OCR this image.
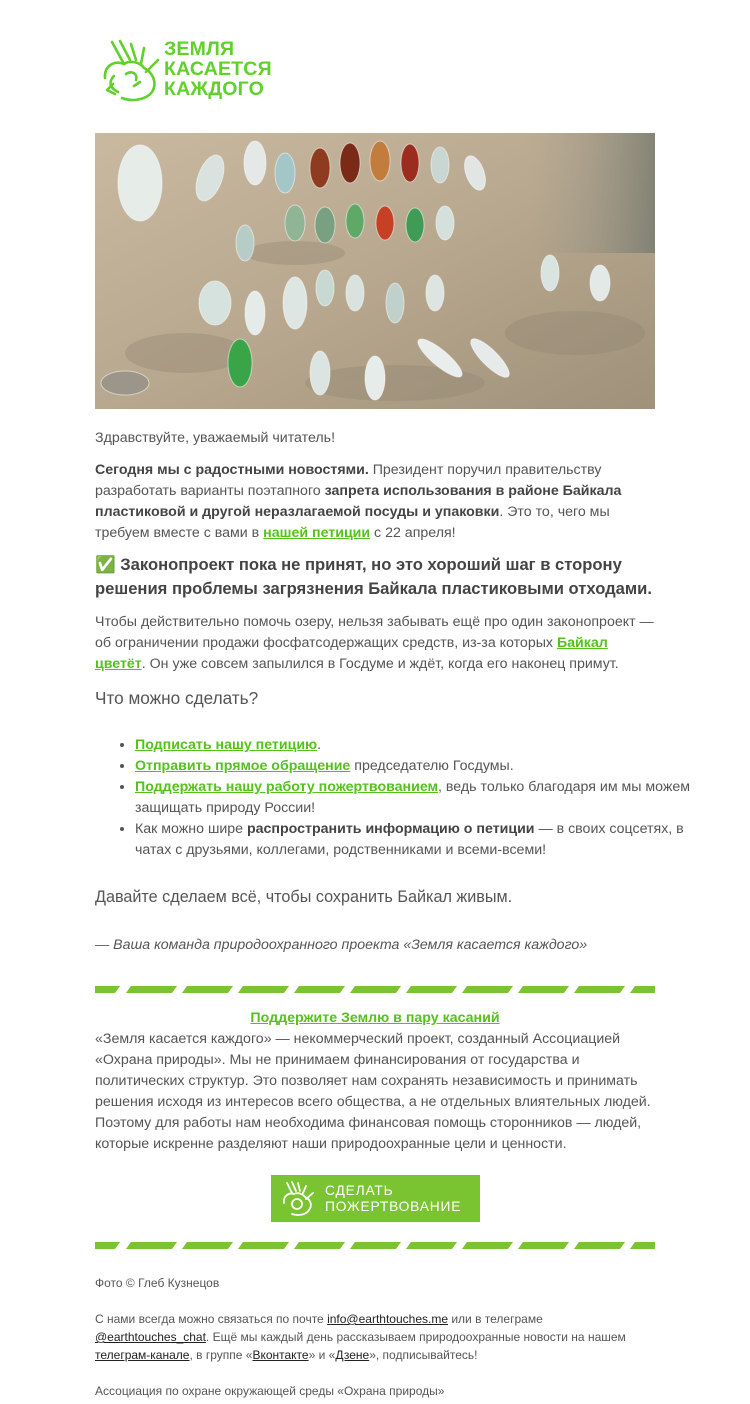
ЗЕМЛЯ
КАСАЕТСЯ
КАЖДОГО

Здравствуйте, уважаемый читатель!

Сегодня мы с радостными новостями. Президент поручил правительству разработать варианты поэтапного запрета использования в районе Байкала пластиковой и другой неразлагаемой посуды и упаковки. Это то, чего мы требуем вместе с вами в нашей петиции с 22 апреля!

✅ Законопроект пока не принят, но это хороший шаг в сторону решения проблемы загрязнения Байкала пластиковыми отходами.

Чтобы действительно помочь озеру, нельзя забывать ещё про один законопроект — об ограничении продажи фосфатсодержащих средств, из-за которых Байкал цветёт. Он уже совсем запылился в Госдуме и ждёт, когда его наконец примут.

Что можно сделать?
• Подписать нашу петицию.
• Отправить прямое обращение председателю Госдумы.
• Поддержать нашу работу пожертвованием, ведь только благодаря им мы можем защищать природу России!
• Как можно шире распространить информацию о петиции — в своих соцсетях, в чатах с друзьями, коллегами, родственниками и всеми-всеми!
Давайте сделаем всё, чтобы сохранить Байкал живым.
— Ваша команда природоохранного проекта «Земля касается каждого»
Поддержите Землю в пару касаний

«Земля касается каждого» — некоммерческий проект, созданный Ассоциацией «Охрана природы». Мы не принимаем финансирования от государства и политических структур. Это позволяет нам сохранять независимость и принимать решения исходя из интересов всего общества, а не отдельных влиятельных людей. Поэтому для работы нам необходима финансовая помощь сторонников — людей, которые искренне разделяют наши природоохранные цели и ценности.

СДЕЛАТЬ
ПОЖЕРТВОВАНИЕ
Фото © Глеб Кузнецов
С нами всегда можно связаться по почте info@earthtouches.me или в телеграме @earthtouches_chat. Ещё мы каждый день рассказываем природоохранные новости на нашем телеграм-канале, в группе «Вконтакте» и «Дзене», подписывайтесь!
Ассоциация по охране окружающей среды «Охрана природы»
